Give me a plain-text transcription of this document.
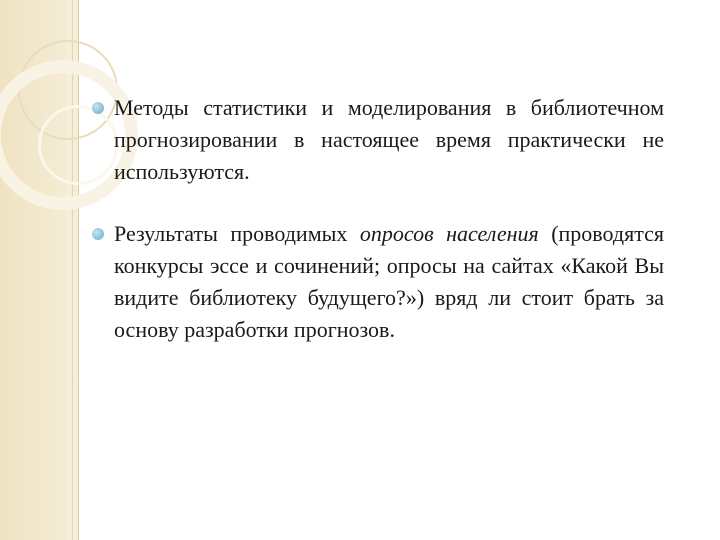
Методы статистики и моделирования в библиотечном прогнозировании в настоящее время практически не используются.
Результаты проводимых опросов населения (проводятся конкурсы эссе и сочинений; опросы на сайтах «Какой Вы видите библиотеку будущего?») вряд ли стоит брать за основу разработки прогнозов.
